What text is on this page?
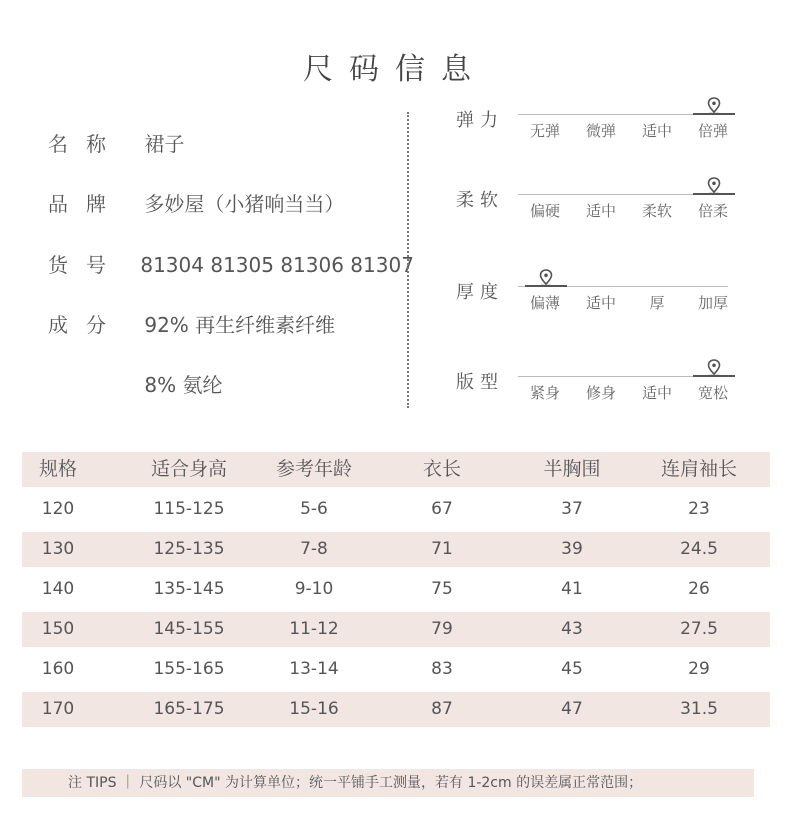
尺码信息
名称 裙子
品牌 多妙屋（小猪响当当）
货号 81304 81305 81306 81307
成分 92% 再生纤维素纤维
8% 氨纶
弹力	无弹	微弹	适中	倍弹
柔软	偏硬	适中	柔软	倍柔
厚度	偏薄	适中	厚	加厚
版型	紧身	修身	适中	宽松
规格	适合身高	参考年龄	衣长	半胸围	连肩袖长
120	115-125	5-6	67	37	23
130	125-135	7-8	71	39	24.5
140	135-145	9-10	75	41	26
150	145-155	11-12	79	43	27.5
160	155-165	13-14	83	45	29
170	165-175	15-16	87	47	31.5
注 TIPS ｜ 尺码以 "CM" 为计算单位；统一平铺手工测量，若有 1-2cm 的误差属正常范围；
